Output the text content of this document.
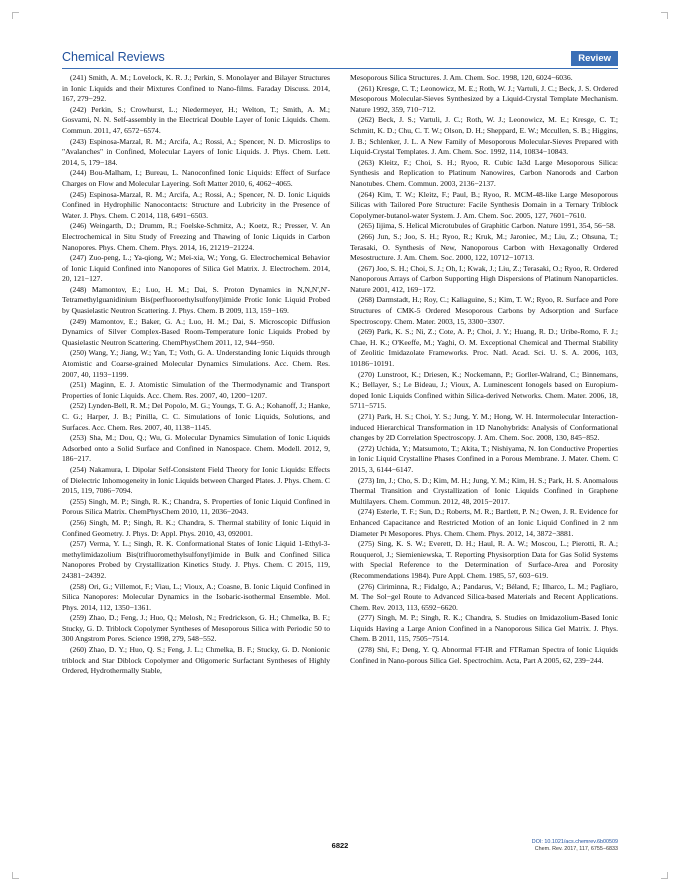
Chemical Reviews	Review

(241) Smith, A. M.; Lovelock, K. R. J.; Perkin, S. Monolayer and Bilayer Structures in Ionic Liquids and their Mixtures Confined to Nano-films. Faraday Discuss. 2014, 167, 279−292.

(242) Perkin, S.; Crowhurst, L.; Niedermeyer, H.; Welton, T.; Smith, A. M.; Gosvami, N. N. Self-assembly in the Electrical Double Layer of Ionic Liquids. Chem. Commun. 2011, 47, 6572−6574.

(243) Espinosa-Marzal, R. M.; Arcifa, A.; Rossi, A.; Spencer, N. D. Microslips to "Avalanches" in Confined, Molecular Layers of Ionic Liquids. J. Phys. Chem. Lett. 2014, 5, 179−184.

(244) Bou-Malham, I.; Bureau, L. Nanoconfined Ionic Liquids: Effect of Surface Charges on Flow and Molecular Layering. Soft Matter 2010, 6, 4062−4065.

(245) Espinosa-Marzal, R. M.; Arcifa, A.; Rossi, A.; Spencer, N. D. Ionic Liquids Confined in Hydrophilic Nanocontacts: Structure and Lubricity in the Presence of Water. J. Phys. Chem. C 2014, 118, 6491−6503.

(246) Weingarth, D.; Drumm, R.; Foelske-Schmitz, A.; Koetz, R.; Presser, V. An Electrochemical in Situ Study of Freezing and Thawing of Ionic Liquids in Carbon Nanopores. Phys. Chem. Chem. Phys. 2014, 16, 21219−21224.

(247) Zuo-peng, L.; Ya-qiong, W.; Mei-xia, W.; Yong, G. Electrochemical Behavior of Ionic Liquid Confined into Nanopores of Silica Gel Matrix. J. Electrochem. 2014, 20, 121−127.

(248) Mamontov, E.; Luo, H. M.; Dai, S. Proton Dynamics in N,N,N',N'-Tetramethylguanidinium Bis(perfluoroethylsulfonyl)imide Protic Ionic Liquid Probed by Quasielastic Neutron Scattering. J. Phys. Chem. B 2009, 113, 159−169.

(249) Mamontov, E.; Baker, G. A.; Luo, H. M.; Dai, S. Microscopic Diffusion Dynamics of Silver Complex-Based Room-Temperature Ionic Liquids Probed by Quasielastic Neutron Scattering. ChemPhysChem 2011, 12, 944−950.

(250) Wang, Y.; Jiang, W.; Yan, T.; Voth, G. A. Understanding Ionic Liquids through Atomistic and Coarse-grained Molecular Dynamics Simulations. Acc. Chem. Res. 2007, 40, 1193−1199.

(251) Maginn, E. J. Atomistic Simulation of the Thermodynamic and Transport Properties of Ionic Liquids. Acc. Chem. Res. 2007, 40, 1200−1207.

(252) Lynden-Bell, R. M.; Del Popolo, M. G.; Youngs, T. G. A.; Kohanoff, J.; Hanke, C. G.; Harper, J. B.; Pinilla, C. C. Simulations of Ionic Liquids, Solutions, and Surfaces. Acc. Chem. Res. 2007, 40, 1138−1145.

(253) Sha, M.; Dou, Q.; Wu, G. Molecular Dynamics Simulation of Ionic Liquids Adsorbed onto a Solid Surface and Confined in Nanospace. Chem. Modell. 2012, 9, 186−217.

(254) Nakamura, I. Dipolar Self-Consistent Field Theory for Ionic Liquids: Effects of Dielectric Inhomogeneity in Ionic Liquids between Charged Plates. J. Phys. Chem. C 2015, 119, 7086−7094.

(255) Singh, M. P.; Singh, R. K.; Chandra, S. Properties of Ionic Liquid Confined in Porous Silica Matrix. ChemPhysChem 2010, 11, 2036−2043.

(256) Singh, M. P.; Singh, R. K.; Chandra, S. Thermal stability of Ionic Liquid in Confined Geometry. J. Phys. D: Appl. Phys. 2010, 43, 092001.

(257) Verma, Y. L.; Singh, R. K. Conformational States of Ionic Liquid 1-Ethyl-3-methylimidazolium Bis(trifluoromethylsulfonyl)imide in Bulk and Confined Silica Nanopores Probed by Crystallization Kinetics Study. J. Phys. Chem. C 2015, 119, 24381−24392.

(258) Ori, G.; Villemot, F.; Viau, L.; Vioux, A.; Coasne, B. Ionic Liquid Confined in Silica Nanopores: Molecular Dynamics in the Isobaric-isothermal Ensemble. Mol. Phys. 2014, 112, 1350−1361.

(259) Zhao, D.; Feng, J.; Huo, Q.; Melosh, N.; Fredrickson, G. H.; Chmelka, B. F.; Stucky, G. D. Triblock Copolymer Syntheses of Mesoporous Silica with Periodic 50 to 300 Angstrom Pores. Science 1998, 279, 548−552.

(260) Zhao, D. Y.; Huo, Q. S.; Feng, J. L.; Chmelka, B. F.; Stucky, G. D. Nonionic triblock and Star Diblock Copolymer and Oligomeric Surfactant Syntheses of Highly Ordered, Hydrothermally Stable,

Mesoporous Silica Structures. J. Am. Chem. Soc. 1998, 120, 6024−6036.

(261) Kresge, C. T.; Leonowicz, M. E.; Roth, W. J.; Vartuli, J. C.; Beck, J. S. Ordered Mesoporous Molecular-Sieves Synthesized by a Liquid-Crystal Template Mechanism. Nature 1992, 359, 710−712.

(262) Beck, J. S.; Vartuli, J. C.; Roth, W. J.; Leonowicz, M. E.; Kresge, C. T.; Schmitt, K. D.; Chu, C. T. W.; Olson, D. H.; Sheppard, E. W.; Mccullen, S. B.; Higgins, J. B.; Schlenker, J. L. A New Family of Mesoporous Molecular-Sieves Prepared with Liquid-Crystal Templates. J. Am. Chem. Soc. 1992, 114, 10834−10843.

(263) Kleitz, F.; Choi, S. H.; Ryoo, R. Cubic Ia3d Large Mesoporous Silica: Synthesis and Replication to Platinum Nanowires, Carbon Nanorods and Carbon Nanotubes. Chem. Commun. 2003, 2136−2137.

(264) Kim, T. W.; Kleitz, F.; Paul, B.; Ryoo, R. MCM-48-like Large Mesoporous Silicas with Tailored Pore Structure: Facile Synthesis Domain in a Ternary Triblock Copolymer-butanol-water System. J. Am. Chem. Soc. 2005, 127, 7601−7610.

(265) Iijima, S. Helical Microtubules of Graphitic Carbon. Nature 1991, 354, 56−58.

(266) Jun, S.; Joo, S. H.; Ryoo, R.; Kruk, M.; Jaroniec, M.; Liu, Z.; Ohsuna, T.; Terasaki, O. Synthesis of New, Nanoporous Carbon with Hexagonally Ordered Mesostructure. J. Am. Chem. Soc. 2000, 122, 10712−10713.

(267) Joo, S. H.; Choi, S. J.; Oh, I.; Kwak, J.; Liu, Z.; Terasaki, O.; Ryoo, R. Ordered Nanoporous Arrays of Carbon Supporting High Dispersions of Platinum Nanoparticles. Nature 2001, 412, 169−172.

(268) Darmstadt, H.; Roy, C.; Kaliaguine, S.; Kim, T. W.; Ryoo, R. Surface and Pore Structures of CMK-5 Ordered Mesoporous Carbons by Adsorption and Surface Spectroscopy. Chem. Mater. 2003, 15, 3300−3307.

(269) Park, K. S.; Ni, Z.; Cote, A. P.; Choi, J. Y.; Huang, R. D.; Uribe-Romo, F. J.; Chae, H. K.; O'Keeffe, M.; Yaghi, O. M. Exceptional Chemical and Thermal Stability of Zeolitic Imidazolate Frameworks. Proc. Natl. Acad. Sci. U. S. A. 2006, 103, 10186−10191.

(270) Lunstroot, K.; Driesen, K.; Nockemann, P.; Gorller-Walrand, C.; Binnemans, K.; Bellayer, S.; Le Bideau, J.; Vioux, A. Luminescent Ionogels based on Europium-doped Ionic Liquids Confined within Silica-derived Networks. Chem. Mater. 2006, 18, 5711−5715.

(271) Park, H. S.; Choi, Y. S.; Jung, Y. M.; Hong, W. H. Intermolecular Interaction-induced Hierarchical Transformation in 1D Nanohybrids: Analysis of Conformational changes by 2D Correlation Spectroscopy. J. Am. Chem. Soc. 2008, 130, 845−852.

(272) Uchida, Y.; Matsumoto, T.; Akita, T.; Nishiyama, N. Ion Conductive Properties in Ionic Liquid Crystalline Phases Confined in a Porous Membrane. J. Mater. Chem. C 2015, 3, 6144−6147.

(273) Im, J.; Cho, S. D.; Kim, M. H.; Jung, Y. M.; Kim, H. S.; Park, H. S. Anomalous Thermal Transition and Crystallization of Ionic Liquids Confined in Graphene Multilayers. Chem. Commun. 2012, 48, 2015−2017.

(274) Esterle, T. F.; Sun, D.; Roberts, M. R.; Bartlett, P. N.; Owen, J. R. Evidence for Enhanced Capacitance and Restricted Motion of an Ionic Liquid Confined in 2 nm Diameter Pt Mesopores. Phys. Chem. Chem. Phys. 2012, 14, 3872−3881.

(275) Sing, K. S. W.; Everett, D. H.; Haul, R. A. W.; Moscou, L.; Pierotti, R. A.; Rouquerol, J.; Siemieniewska, T. Reporting Physisorption Data for Gas Solid Systems with Special Reference to the Determination of Surface-Area and Porosity (Recommendations 1984). Pure Appl. Chem. 1985, 57, 603−619.

(276) Ciriminna, R.; Fidalgo, A.; Pandarus, V.; Béland, F.; Ilharco, L. M.; Pagliaro, M. The Sol−gel Route to Advanced Silica-based Materials and Recent Applications. Chem. Rev. 2013, 113, 6592−6620.

(277) Singh, M. P.; Singh, R. K.; Chandra, S. Studies on Imidazolium-Based Ionic Liquids Having a Large Anion Confined in a Nanoporous Silica Gel Matrix. J. Phys. Chem. B 2011, 115, 7505−7514.

(278) Shi, F.; Deng, Y. Q. Abnormal FT-IR and FTRaman Spectra of Ionic Liquids Confined in Nano-porous Silica Gel. Spectrochim. Acta, Part A 2005, 62, 239−244.

6822	DOI: 10.1021/acs.chemrev.6b00509
Chem. Rev. 2017, 117, 6755−6833
